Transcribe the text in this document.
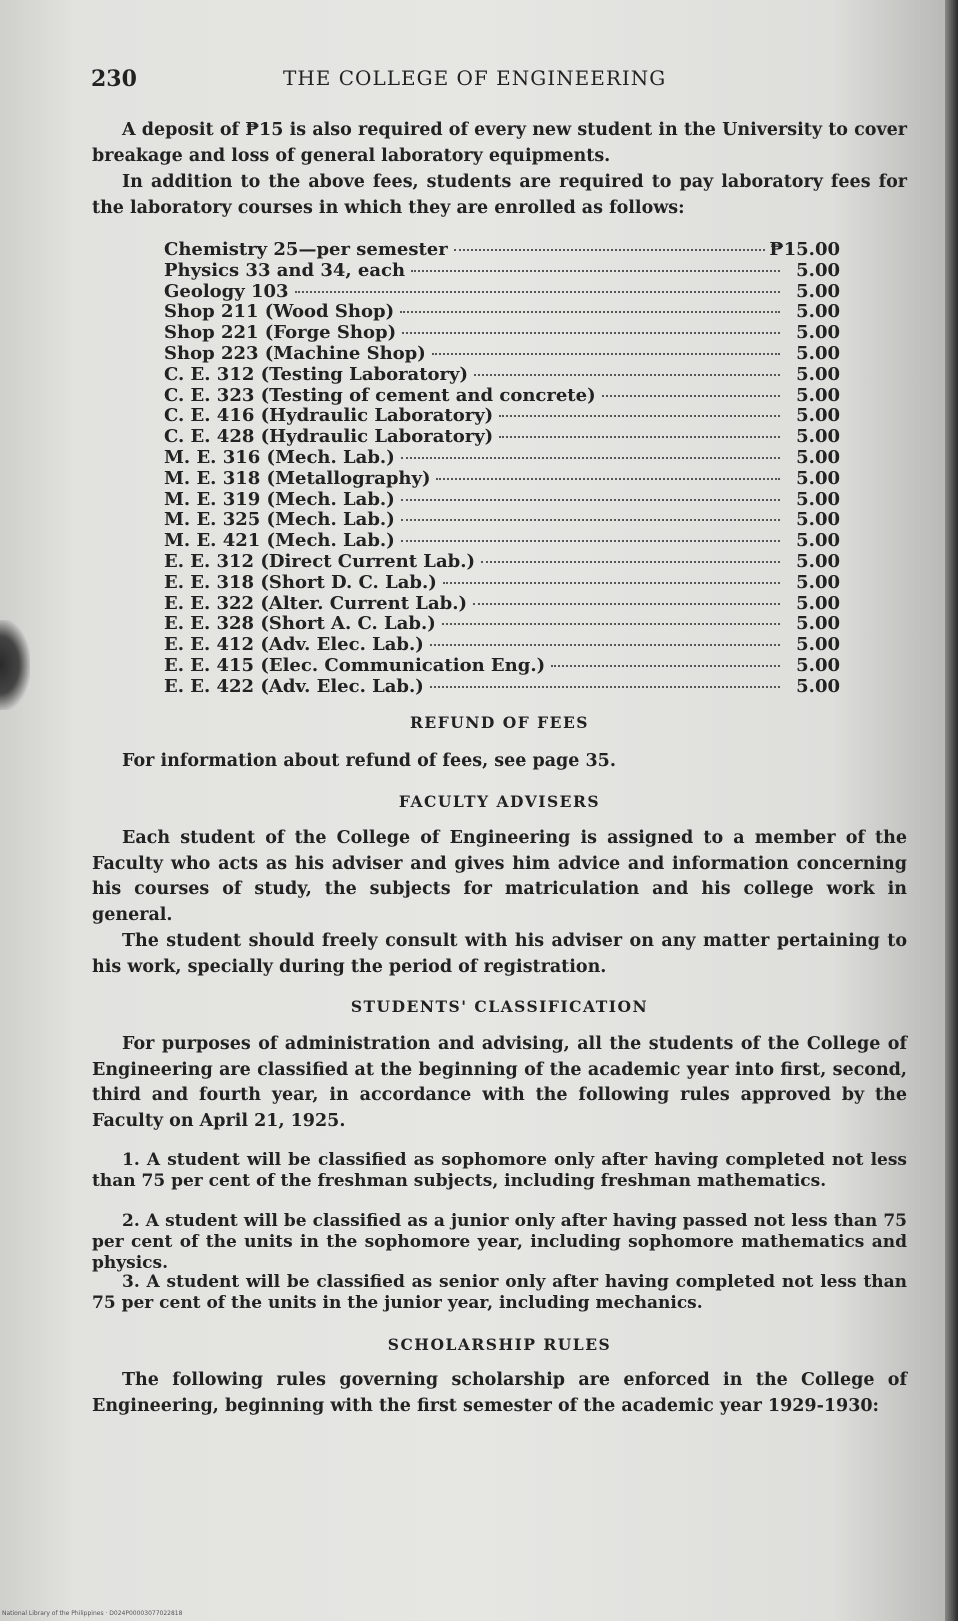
230	THE COLLEGE OF ENGINEERING
A deposit of ₱15 is also required of every new student in the University to cover breakage and loss of general laboratory equipments.
In addition to the above fees, students are required to pay laboratory fees for the laboratory courses in which they are enrolled as follows:
Chemistry 25—per semester	₱15.00
Physics 33 and 34, each	5.00
Geology 103	5.00
Shop 211 (Wood Shop)	5.00
Shop 221 (Forge Shop)	5.00
Shop 223 (Machine Shop)	5.00
C. E. 312 (Testing Laboratory)	5.00
C. E. 323 (Testing of cement and concrete)	5.00
C. E. 416 (Hydraulic Laboratory)	5.00
C. E. 428 (Hydraulic Laboratory)	5.00
M. E. 316 (Mech. Lab.)	5.00
M. E. 318 (Metallography)	5.00
M. E. 319 (Mech. Lab.)	5.00
M. E. 325 (Mech. Lab.)	5.00
M. E. 421 (Mech. Lab.)	5.00
E. E. 312 (Direct Current Lab.)	5.00
E. E. 318 (Short D. C. Lab.)	5.00
E. E. 322 (Alter. Current Lab.)	5.00
E. E. 328 (Short A. C. Lab.)	5.00
E. E. 412 (Adv. Elec. Lab.)	5.00
E. E. 415 (Elec. Communication Eng.)	5.00
E. E. 422 (Adv. Elec. Lab.)	5.00
REFUND OF FEES
For information about refund of fees, see page 35.
FACULTY ADVISERS
Each student of the College of Engineering is assigned to a member of the Faculty who acts as his adviser and gives him advice and information concerning his courses of study, the subjects for matriculation and his college work in general.
The student should freely consult with his adviser on any matter pertaining to his work, specially during the period of registration.
STUDENTS' CLASSIFICATION
For purposes of administration and advising, all the students of the College of Engineering are classified at the beginning of the academic year into first, second, third and fourth year, in accordance with the following rules approved by the Faculty on April 21, 1925.
1. A student will be classified as sophomore only after having completed not less than 75 per cent of the freshman subjects, including freshman mathematics.
2. A student will be classified as a junior only after having passed not less than 75 per cent of the units in the sophomore year, including sophomore mathematics and physics.
3. A student will be classified as senior only after having completed not less than 75 per cent of the units in the junior year, including mechanics.
SCHOLARSHIP RULES
The following rules governing scholarship are enforced in the College of Engineering, beginning with the first semester of the academic year 1929-1930:
National Library of the Philippines · D024P00003077022818
